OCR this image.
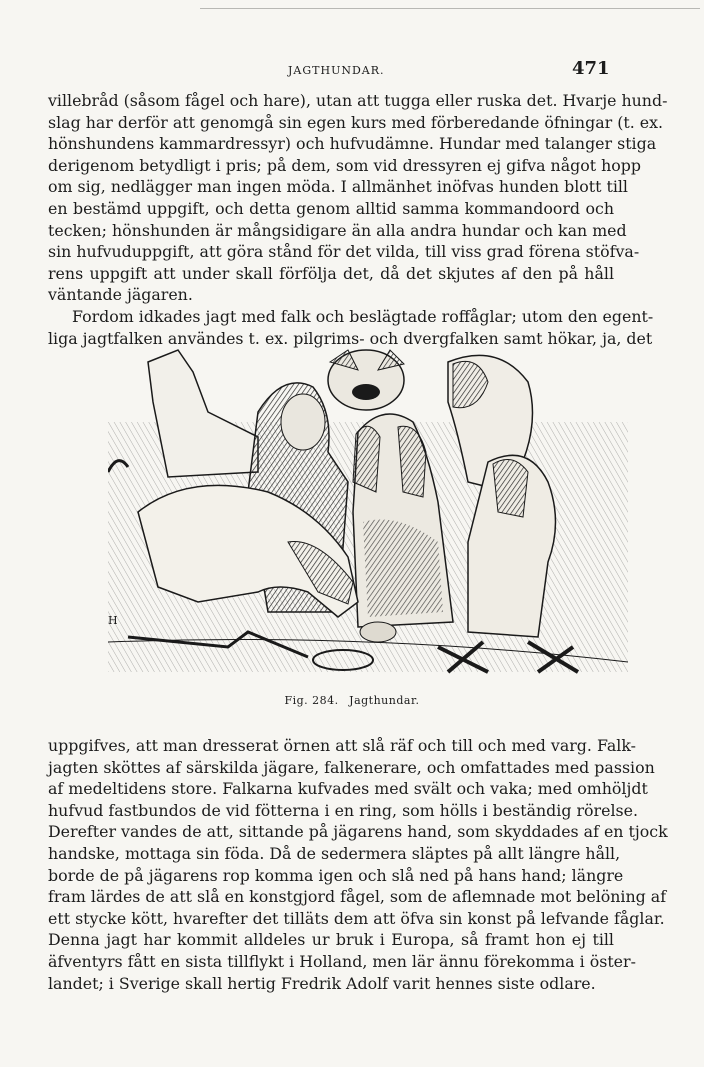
JAGTHUNDAR.	471
villebråd (såsom fågel och hare), utan att tugga eller ruska det. Hvarje hund-
slag har derför att genomgå sin egen kurs med förberedande öfningar (t. ex.
hönshundens kammardressyr) och hufvudämne. Hundar med talanger stiga
derigenom betydligt i pris; på dem, som vid dressyren ej gifva något hopp
om sig, nedlägger man ingen möda. I allmänhet inöfvas hunden blott till
en bestämd uppgift, och detta genom alltid samma kommandoord och
tecken; hönshunden är mångsidigare än alla andra hundar och kan med
sin hufvuduppgift, att göra stånd för det vilda, till viss grad förena stöfva-
rens uppgift att under skall förfölja det, då det skjutes af den på håll
väntande jägaren.
Fordom idkades jagt med falk och beslägtade roffåglar; utom den egent-
liga jagtfalken användes t. ex. pilgrims- och dvergfalken samt hökar, ja, det
H
Fig. 284. Jagthundar.
uppgifves, att man dresserat örnen att slå räf och till och med varg. Falk-
jagten sköttes af särskilda jägare, falkenerare, och omfattades med passion
af medeltidens store. Falkarna kufvades med svält och vaka; med omhöljdt
hufvud fastbundos de vid fötterna i en ring, som hölls i beständig rörelse.
Derefter vandes de att, sittande på jägarens hand, som skyddades af en tjock
handske, mottaga sin föda. Då de sedermera släptes på allt längre håll,
borde de på jägarens rop komma igen och slå ned på hans hand; längre
fram lärdes de att slå en konstgjord fågel, som de aflemnade mot belöning af
ett stycke kött, hvarefter det tilläts dem att öfva sin konst på lefvande fåglar.
Denna jagt har kommit alldeles ur bruk i Europa, så framt hon ej till
äfventyrs fått en sista tillflykt i Holland, men lär ännu förekomma i öster-
landet; i Sverige skall hertig Fredrik Adolf varit hennes siste odlare.
